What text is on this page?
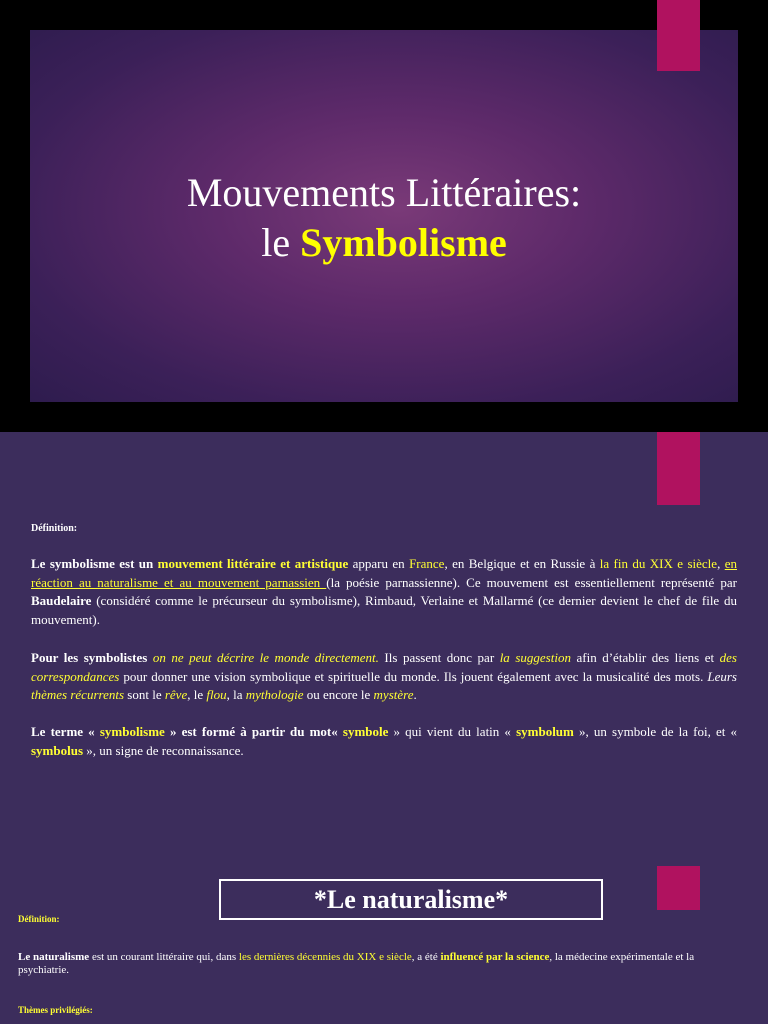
Mouvements Littéraires:
le Symbolisme
Définition:
Le symbolisme est un mouvement littéraire et artistique apparu en France, en Belgique et en Russie à la fin du XIX e siècle, en réaction au naturalisme et au mouvement parnassien (la poésie parnassienne). Ce mouvement est essentiellement représenté par Baudelaire (considéré comme le précurseur du symbolisme), Rimbaud, Verlaine et Mallarmé (ce dernier devient le chef de file du mouvement).
Pour les symbolistes on ne peut décrire le monde directement. Ils passent donc par la suggestion afin d’établir des liens et des correspondances pour donner une vision symbolique et spirituelle du monde. Ils jouent également avec la musicalité des mots. Leurs thèmes récurrents sont le rêve, le flou, la mythologie ou encore le mystère.
Le terme « symbolisme » est formé à partir du mot« symbole » qui vient du latin « symbolum », un symbole de la foi, et « symbolus », un signe de reconnaissance.
*Le naturalisme*
Définition:
Le naturalisme est un courant littéraire qui, dans les dernières décennies du XIX e siècle, a été influencé par la science, la médecine expérimentale et la psychiatrie.
Thèmes privilégiés:
